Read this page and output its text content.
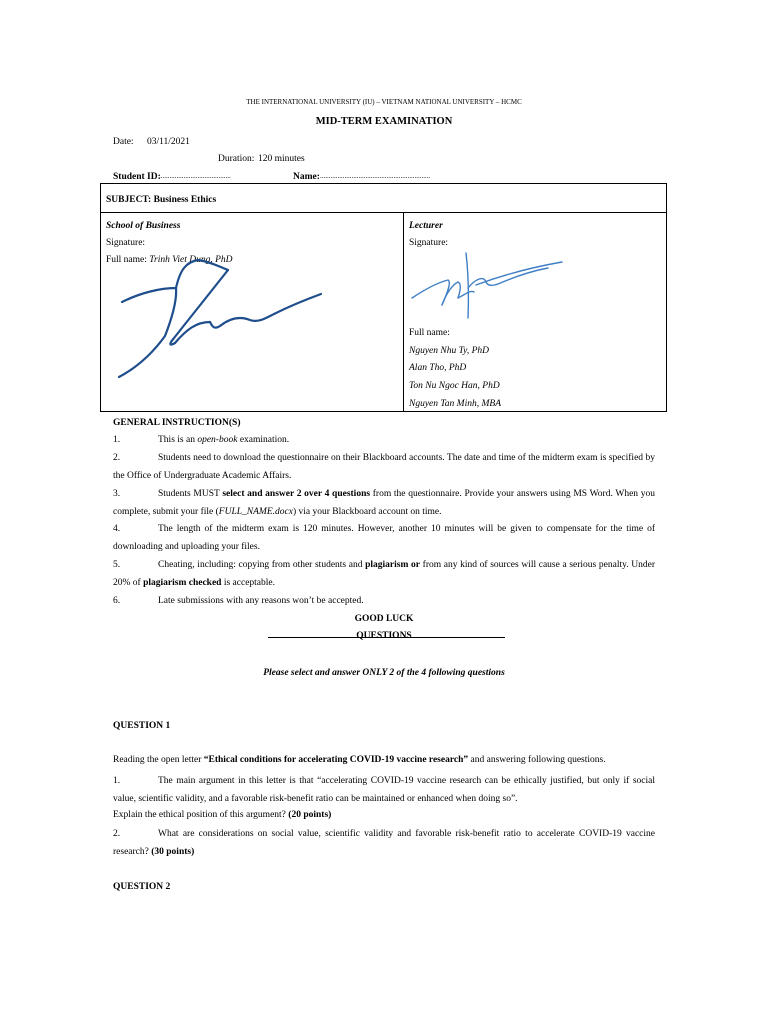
THE INTERNATIONAL UNIVERSITY (IU) – VIETNAM NATIONAL UNIVERSITY – HCMC
MID-TERM EXAMINATION
Date: 03/11/2021
Duration: 120 minutes
Student ID:
.........................................	Name: ...............................................................
SUBJECT: Business Ethics
School of Business
Signature:
Full name: Trinh Viet Dung, PhD
Lecturer
Signature:
Full name:
Nguyen Nhu Ty, PhD
Alan Tho, PhD
Ton Nu Ngoc Han, PhD
Nguyen Tan Minh, MBA
GENERAL INSTRUCTION(S)
1.	This is an open-book examination.
2.	Students need to download the questionnaire on their Blackboard accounts. The date and time of the midterm exam is specified by the Office of Undergraduate Academic Affairs.
3.	Students MUST select and answer 2 over 4 questions from the questionnaire. Provide your answers using MS Word. When you complete, submit your file (FULL_NAME.docx) via your Blackboard account on time.
4.	The length of the midterm exam is 120 minutes. However, another 10 minutes will be given to compensate for the time of downloading and uploading your files.
5.	Cheating, including: copying from other students and plagiarism or from any kind of sources will cause a serious penalty. Under 20% of plagiarism checked is acceptable.
6.	Late submissions with any reasons won’t be accepted.
GOOD LUCK
QUESTIONS
Please select and answer ONLY 2 of the 4 following questions
QUESTION 1
Reading the open letter “Ethical conditions for accelerating COVID-19 vaccine research” and answering following questions.
1.	The main argument in this letter is that “accelerating COVID-19 vaccine research can be ethically justified, but only if social value, scientific validity, and a favorable risk-benefit ratio can be maintained or enhanced when doing so”.
Explain the ethical position of this argument? (20 points)
2.	What are considerations on social value, scientific validity and favorable risk-benefit ratio to accelerate COVID-19 vaccine research? (30 points)
QUESTION 2
